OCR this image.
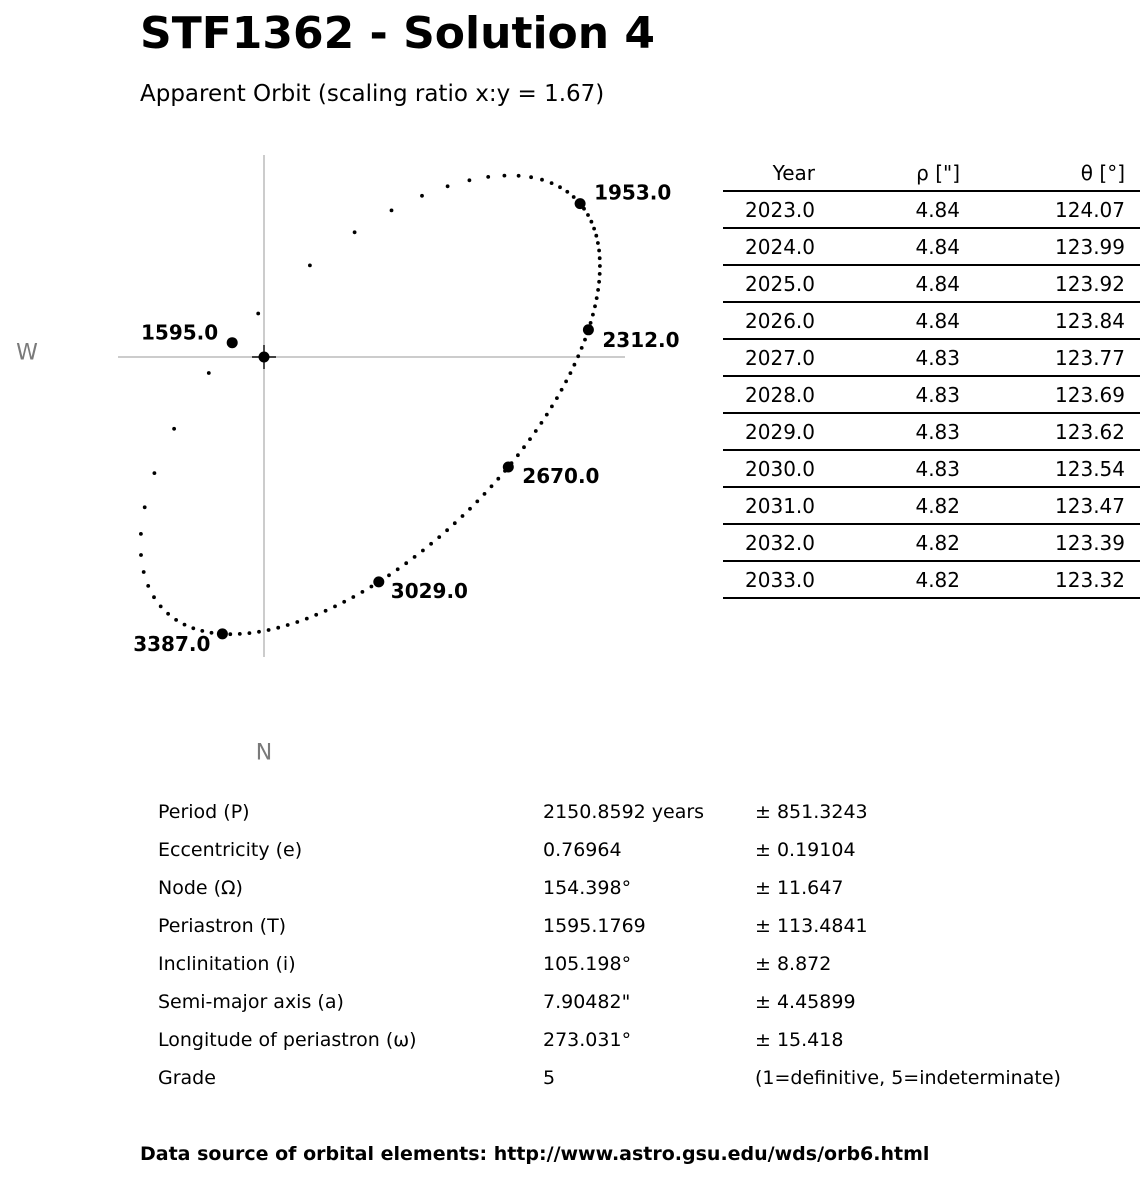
STF1362 - Solution 4
Apparent Orbit (scaling ratio x:y = 1.67)
W
N
1595.0
1953.0
2312.0
2670.0
3029.0
3387.0
Year	ρ ["]	θ [°]
2023.0	4.84	124.07
2024.0	4.84	123.99
2025.0	4.84	123.92
2026.0	4.84	123.84
2027.0	4.83	123.77
2028.0	4.83	123.69
2029.0	4.83	123.62
2030.0	4.83	123.54
2031.0	4.82	123.47
2032.0	4.82	123.39
2033.0	4.82	123.32
Period (P)	2150.8592 years	± 851.3243
Eccentricity (e)	0.76964	± 0.19104
Node (Ω)	154.398°	± 11.647
Periastron (T)	1595.1769	± 113.4841
Inclinitation (i)	105.198°	± 8.872
Semi-major axis (a)	7.90482"	± 4.45899
Longitude of periastron (ω)	273.031°	± 15.418
Grade	5	(1=definitive, 5=indeterminate)
Data source of orbital elements: http://www.astro.gsu.edu/wds/orb6.html
